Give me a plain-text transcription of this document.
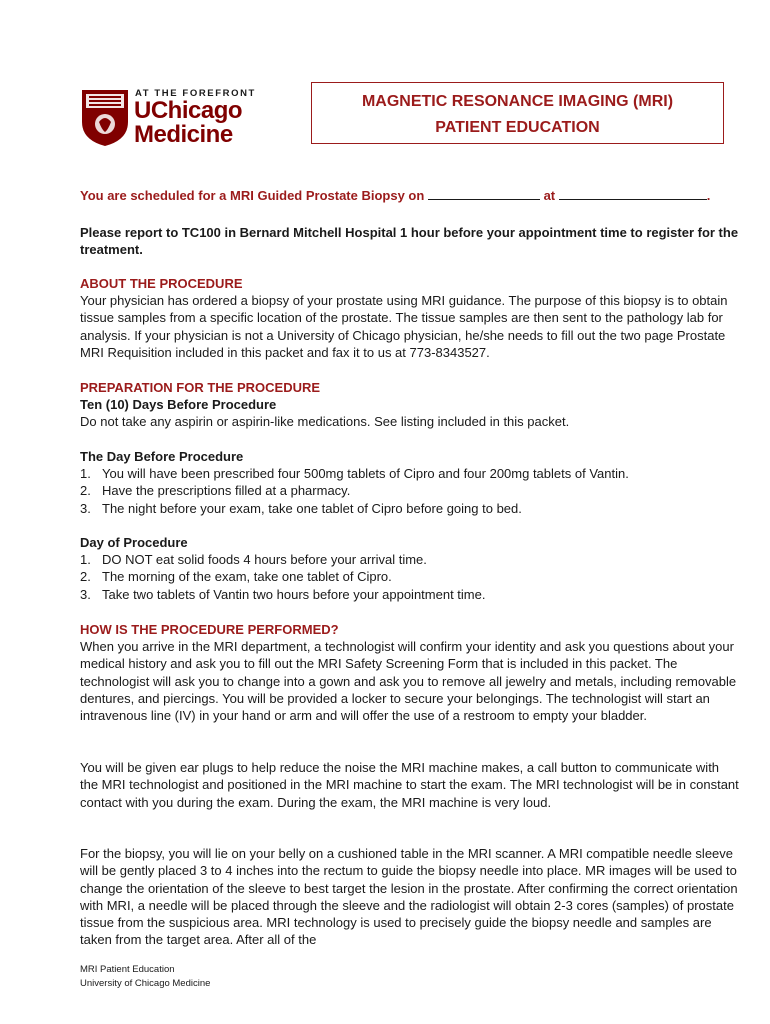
AT THE FOREFRONT
UChicago
Medicine
MAGNETIC RESONANCE IMAGING (MRI)
PATIENT EDUCATION

You are scheduled for a MRI Guided Prostate Biopsy on	at	.

Please report to TC100 in Bernard Mitchell Hospital 1 hour before your appointment time to register for the treatment.

ABOUT THE PROCEDURE

Your physician has ordered a biopsy of your prostate using MRI guidance. The purpose of this biopsy is to obtain tissue samples from a specific location of the prostate. The tissue samples are then sent to the pathology lab for analysis. If your physician is not a University of Chicago physician, he/she needs to fill out the two page Prostate MRI Requisition included in this packet and fax it to us at 773-8343527.

PREPARATION FOR THE PROCEDURE

Ten (10) Days Before Procedure

Do not take any aspirin or aspirin-like medications. See listing included in this packet.

The Day Before Procedure

1. You will have been prescribed four 500mg tablets of Cipro and four 200mg tablets of Vantin.
2. Have the prescriptions filled at a pharmacy.
3. The night before your exam, take one tablet of Cipro before going to bed.

Day of Procedure

1. DO NOT eat solid foods 4 hours before your arrival time.
2. The morning of the exam, take one tablet of Cipro.
3. Take two tablets of Vantin two hours before your appointment time.

HOW IS THE PROCEDURE PERFORMED?

When you arrive in the MRI department, a technologist will confirm your identity and ask you questions about your medical history and ask you to fill out the MRI Safety Screening Form that is included in this packet. The technologist will ask you to change into a gown and ask you to remove all jewelry and metals, including removable dentures, and piercings. You will be provided a locker to secure your belongings. The technologist will start an intravenous line (IV) in your hand or arm and will offer the use of a restroom to empty your bladder.

You will be given ear plugs to help reduce the noise the MRI machine makes, a call button to communicate with the MRI technologist and positioned in the MRI machine to start the exam. The MRI technologist will be in constant contact with you during the exam. During the exam, the MRI machine is very loud.

For the biopsy, you will lie on your belly on a cushioned table in the MRI scanner. A MRI compatible needle sleeve will be gently placed 3 to 4 inches into the rectum to guide the biopsy needle into place. MR images will be used to change the orientation of the sleeve to best target the lesion in the prostate. After confirming the correct orientation with MRI, a needle will be placed through the sleeve and the radiologist will obtain 2-3 cores (samples) of prostate tissue from the suspicious area. MRI technology is used to precisely guide the biopsy needle and samples are taken from the target area. After all of the

MRI Patient Education
University of Chicago Medicine
